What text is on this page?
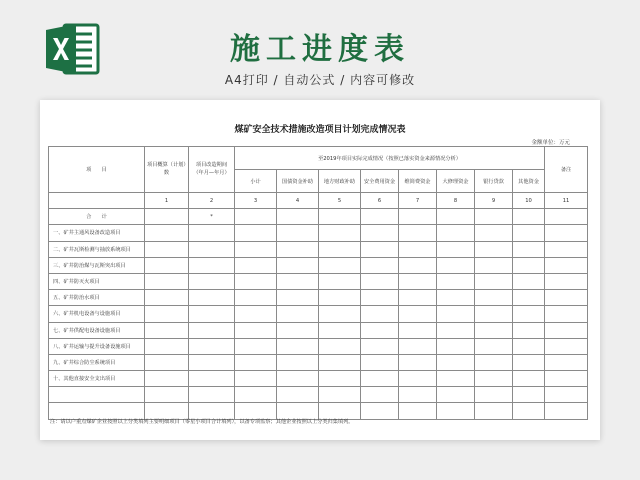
施工进度表
A4打印 / 自动公式 / 内容可修改
煤矿安全技术措施改造项目计划完成情况表
金额单位：万元
项　　目	项目概算（计划）数	项目改造期间（年月—年月）	至2019年项目实际完成情况（按照已落实资金来源情况分析）								备注
			小计	国债资金补助	地方财政补助	安全费用资金	维简费资金	大修理资金	银行贷款	其他资金	
	1	2	3	4	5	6	7	8	9	10	11
合　　计		*									
一、矿井主通风设备改造项目											
二、矿井瓦斯检测与抽放系统项目											
三、矿井防治煤与瓦斯突出项目											
四、矿井防灭火项目											
五、矿井防治水项目											
六、矿井机电设备与设施项目											
七、矿井供配电设备设施项目											
八、矿井运输与提升设备设施项目											
九、矿井综合防尘系统项目											
十、其他直接安全支出项目											

注：请以户重点煤矿企业按照以上分类填列主要明细项目（零星小项目合计填列），以备专项监察；其他企业按照以上分类归集填列。
